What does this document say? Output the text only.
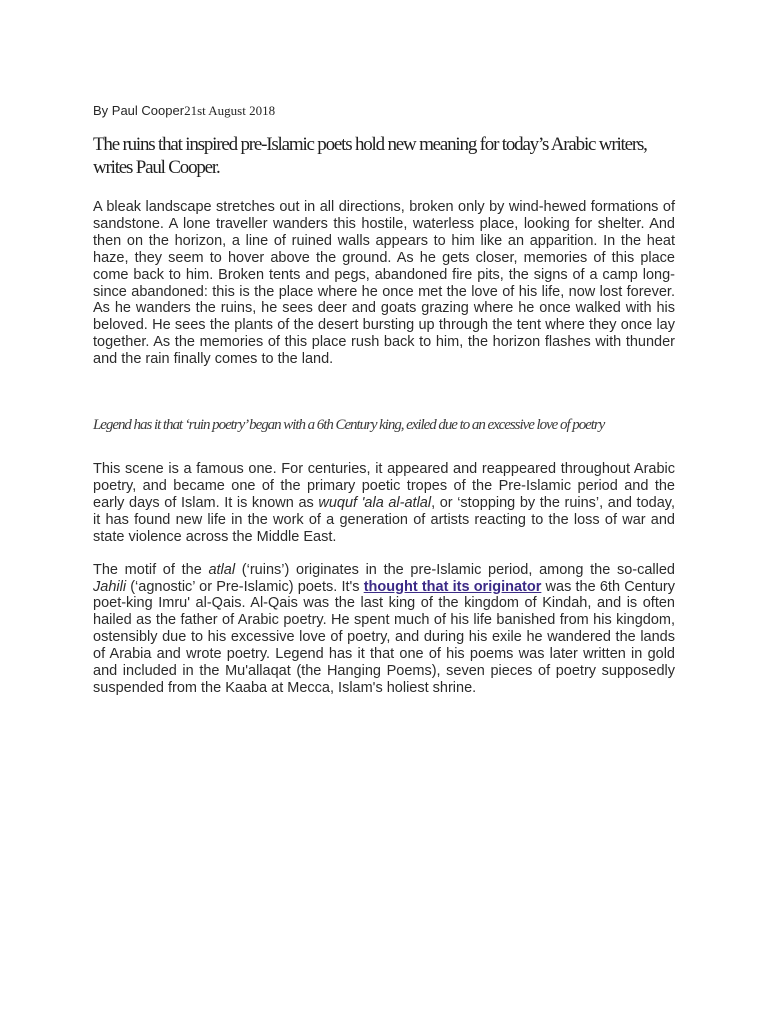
By Paul Cooper21st August 2018

The ruins that inspired pre-Islamic poets hold new meaning for today’s Arabic writers, writes Paul Cooper.

A bleak landscape stretches out in all directions, broken only by wind-hewed formations of sandstone. A lone traveller wanders this hostile, waterless place, looking for shelter. And then on the horizon, a line of ruined walls appears to him like an apparition. In the heat haze, they seem to hover above the ground. As he gets closer, memories of this place come back to him. Broken tents and pegs, abandoned fire pits, the signs of a camp long-since abandoned: this is the place where he once met the love of his life, now lost forever. As he wanders the ruins, he sees deer and goats grazing where he once walked with his beloved. He sees the plants of the desert bursting up through the tent where they once lay together. As the memories of this place rush back to him, the horizon flashes with thunder and the rain finally comes to the land.

Legend has it that ‘ruin poetry’ began with a 6th Century king, exiled due to an excessive love of poetry

This scene is a famous one. For centuries, it appeared and reappeared throughout Arabic poetry, and became one of the primary poetic tropes of the Pre-Islamic period and the early days of Islam. It is known as wuquf 'ala al-atlal, or ‘stopping by the ruins’, and today, it has found new life in the work of a generation of artists reacting to the loss of war and state violence across the Middle East.

The motif of the atlal (‘ruins’) originates in the pre-Islamic period, among the so-called Jahili (‘agnostic’ or Pre-Islamic) poets. It's thought that its originator was the 6th Century poet-king Imru' al-Qais. Al-Qais was the last king of the kingdom of Kindah, and is often hailed as the father of Arabic poetry. He spent much of his life banished from his kingdom, ostensibly due to his excessive love of poetry, and during his exile he wandered the lands of Arabia and wrote poetry. Legend has it that one of his poems was later written in gold and included in the Mu'allaqat (the Hanging Poems), seven pieces of poetry supposedly suspended from the Kaaba at Mecca, Islam's holiest shrine.
